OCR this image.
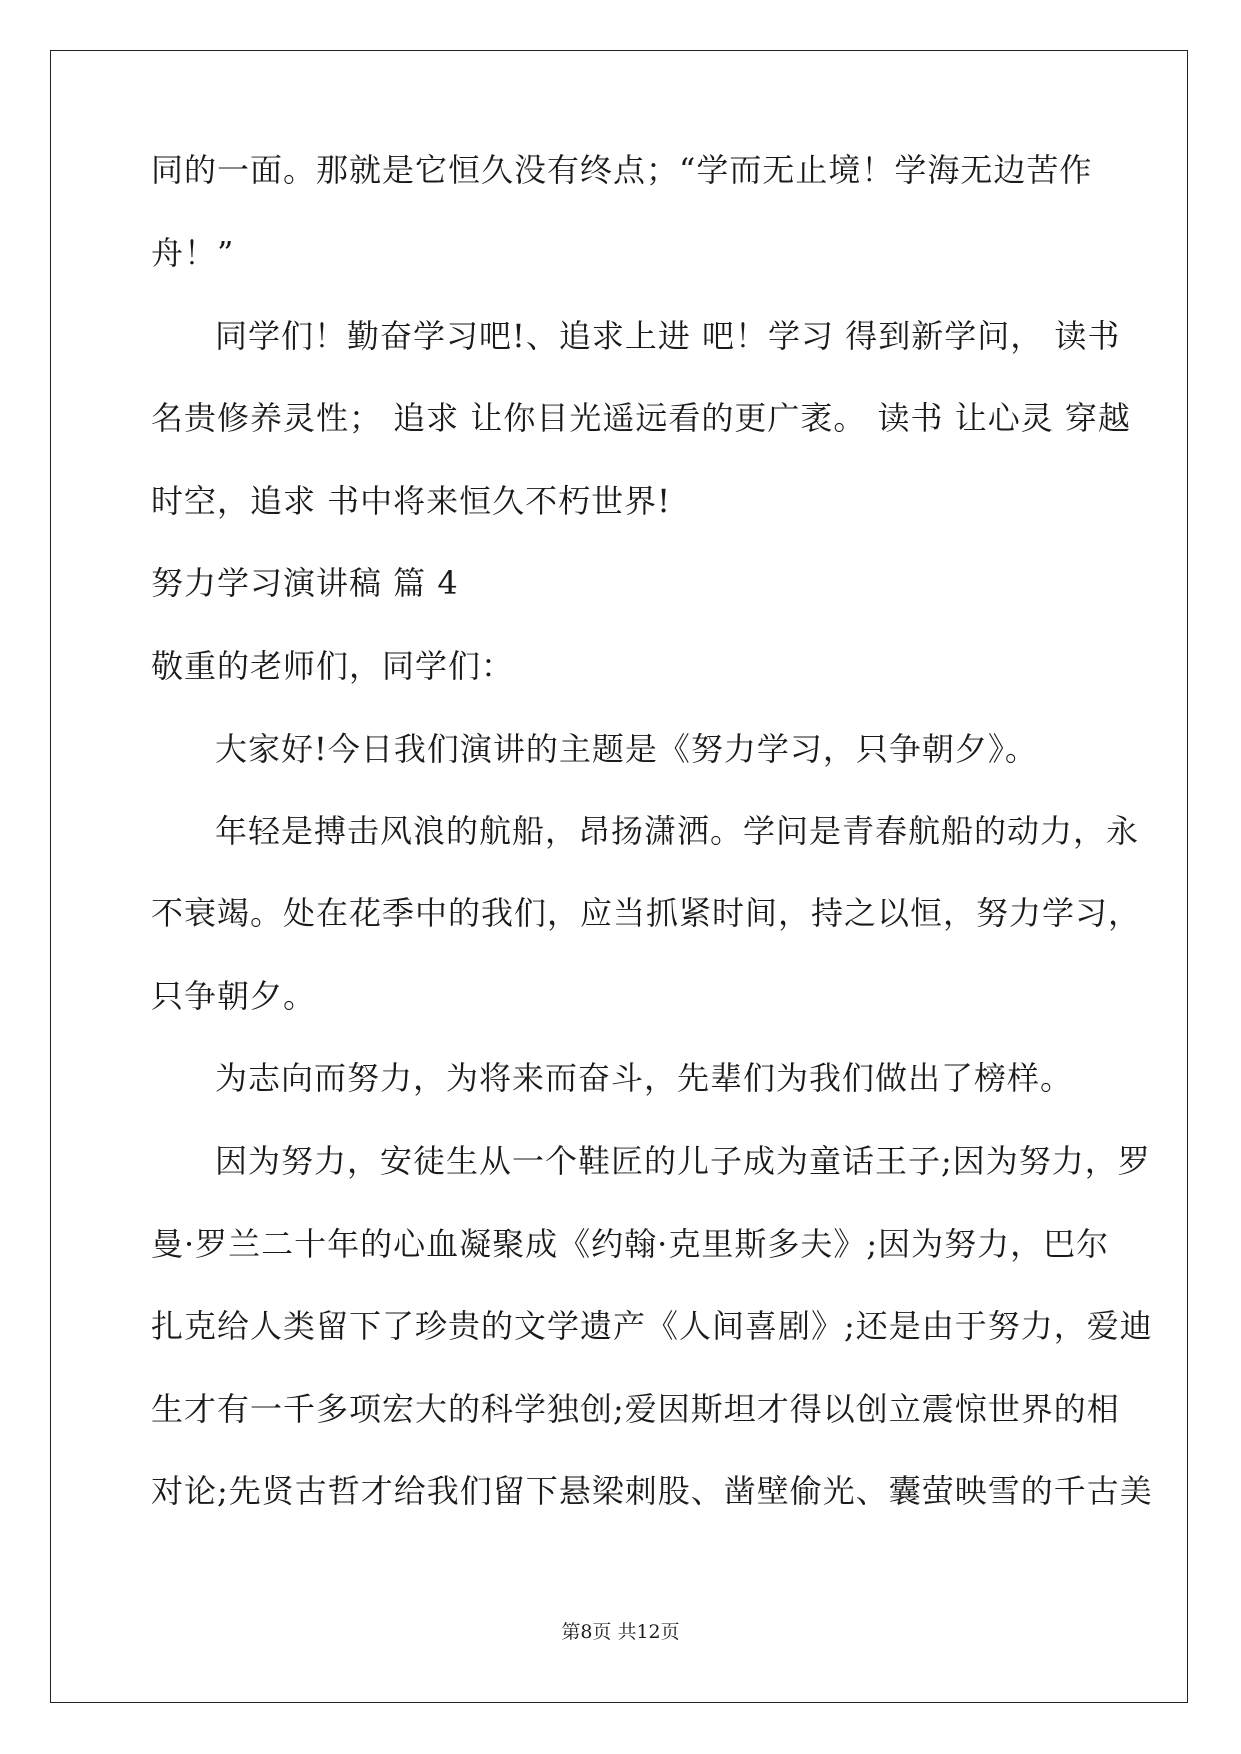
同的一面。那就是它恒久没有终点；“学而无止境！学海无边苦作
舟！”
同学们！勤奋学习吧!、追求上进 吧！学习 得到新学问， 读书
名贵修养灵性； 追求 让你目光遥远看的更广袤。 读书 让心灵 穿越
时空，追求 书中将来恒久不朽世界!
努力学习演讲稿 篇 4
敬重的老师们，同学们：
大家好!今日我们演讲的主题是《努力学习，只争朝夕》。
年轻是搏击风浪的航船，昂扬潇洒。学问是青春航船的动力，永
不衰竭。处在花季中的我们，应当抓紧时间，持之以恒，努力学习，
只争朝夕。
为志向而努力，为将来而奋斗，先辈们为我们做出了榜样。
因为努力，安徒生从一个鞋匠的儿子成为童话王子;因为努力，罗
曼·罗兰二十年的心血凝聚成《约翰·克里斯多夫》;因为努力，巴尔
扎克给人类留下了珍贵的文学遗产《人间喜剧》;还是由于努力，爱迪
生才有一千多项宏大的科学独创;爱因斯坦才得以创立震惊世界的相
对论;先贤古哲才给我们留下悬梁刺股、凿壁偷光、囊萤映雪的千古美
第8页 共12页
